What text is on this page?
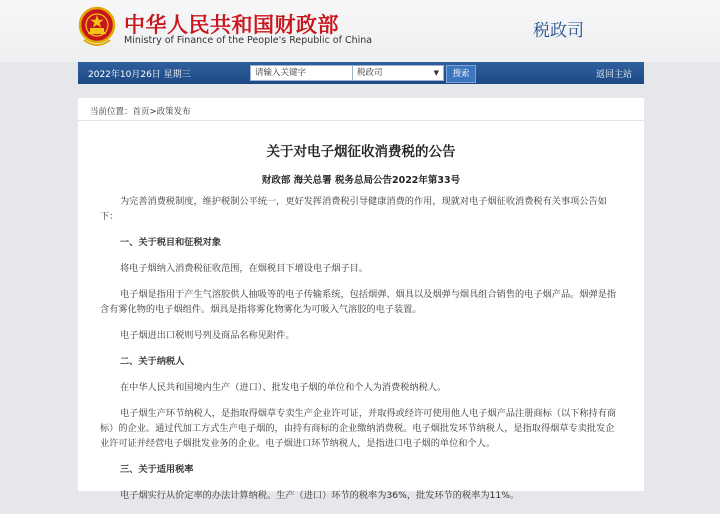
中华人民共和国财政部
Ministry of Finance of the People's Republic of China	税政司
2022年10月26日 星期三	请输入关键字	税政司	▼	搜索	返回主站
当前位置：首页>政策发布
关于对电子烟征收消费税的公告
财政部 海关总署 税务总局公告2022年第33号

为完善消费税制度，维护税制公平统一，更好发挥消费税引导健康消费的作用，现就对电子烟征收消费税有关事项公告如下：

一、关于税目和征税对象

将电子烟纳入消费税征收范围，在烟税目下增设电子烟子目。

电子烟是指用于产生气溶胶供人抽吸等的电子传输系统，包括烟弹、烟具以及烟弹与烟具组合销售的电子烟产品。烟弹是指含有雾化物的电子烟组件。烟具是指将雾化物雾化为可吸入气溶胶的电子装置。

电子烟进出口税则号列及商品名称见附件。

二、关于纳税人

在中华人民共和国境内生产（进口）、批发电子烟的单位和个人为消费税纳税人。

电子烟生产环节纳税人，是指取得烟草专卖生产企业许可证，并取得或经许可使用他人电子烟产品注册商标（以下称持有商标）的企业。通过代加工方式生产电子烟的，由持有商标的企业缴纳消费税。电子烟批发环节纳税人，是指取得烟草专卖批发企业许可证并经营电子烟批发业务的企业。电子烟进口环节纳税人，是指进口电子烟的单位和个人。

三、关于适用税率

电子烟实行从价定率的办法计算纳税。生产（进口）环节的税率为36%，批发环节的税率为11%。
